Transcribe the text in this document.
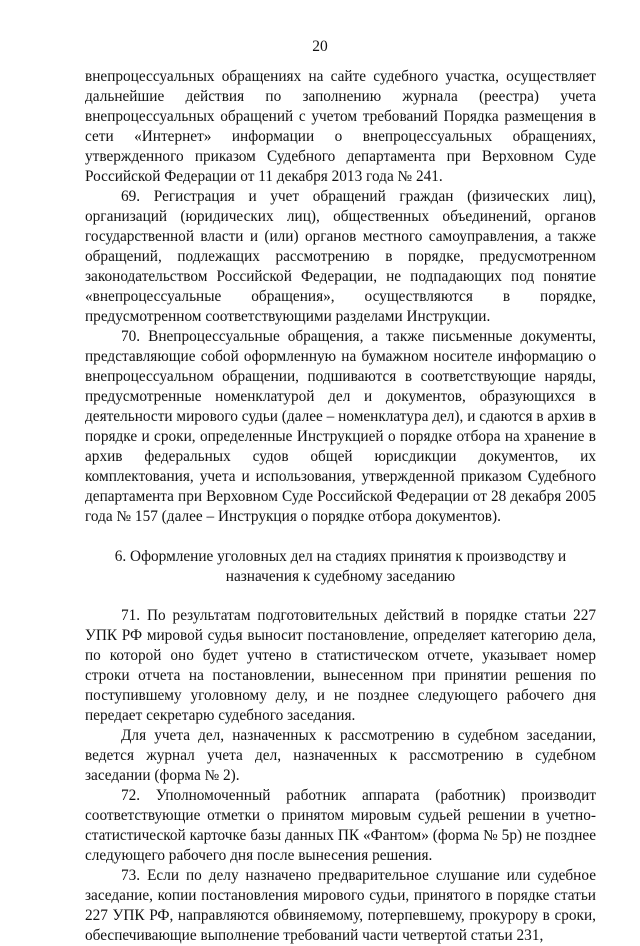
20

внепроцессуальных обращениях на сайте судебного участка, осуществляет дальнейшие действия по заполнению журнала (реестра) учета внепроцессуальных обращений с учетом требований Порядка размещения в сети «Интернет» информации о внепроцессуальных обращениях, утвержденного приказом Судебного департамента при Верховном Суде Российской Федерации от 11 декабря 2013 года № 241.

69. Регистрация и учет обращений граждан (физических лиц), организаций (юридических лиц), общественных объединений, органов государственной власти и (или) органов местного самоуправления, а также обращений, подлежащих рассмотрению в порядке, предусмотренном законодательством Российской Федерации, не подпадающих под понятие «внепроцессуальные обращения», осуществляются в порядке, предусмотренном соответствующими разделами Инструкции.

70. Внепроцессуальные обращения, а также письменные документы, представляющие собой оформленную на бумажном носителе информацию о внепроцессуальном обращении, подшиваются в соответствующие наряды, предусмотренные номенклатурой дел и документов, образующихся в деятельности мирового судьи (далее – номенклатура дел), и сдаются в архив в порядке и сроки, определенные Инструкцией о порядке отбора на хранение в архив федеральных судов общей юрисдикции документов, их комплектования, учета и использования, утвержденной приказом Судебного департамента при Верховном Суде Российской Федерации от 28 декабря 2005 года № 157 (далее – Инструкция о порядке отбора документов).

6. Оформление уголовных дел на стадиях принятия к производству и назначения к судебному заседанию

71. По результатам подготовительных действий в порядке статьи 227 УПК РФ мировой судья выносит постановление, определяет категорию дела, по которой оно будет учтено в статистическом отчете, указывает номер строки отчета на постановлении, вынесенном при принятии решения по поступившему уголовному делу, и не позднее следующего рабочего дня передает секретарю судебного заседания.

Для учета дел, назначенных к рассмотрению в судебном заседании, ведется журнал учета дел, назначенных к рассмотрению в судебном заседании (форма № 2).

72. Уполномоченный работник аппарата (работник) производит соответствующие отметки о принятом мировым судьей решении в учетно-статистической карточке базы данных ПК «Фантом» (форма № 5р) не позднее следующего рабочего дня после вынесения решения.

73. Если по делу назначено предварительное слушание или судебное заседание, копии постановления мирового судьи, принятого в порядке статьи 227 УПК РФ, направляются обвиняемому, потерпевшему, прокурору в сроки, обеспечивающие выполнение требований части четвертой статьи 231,
